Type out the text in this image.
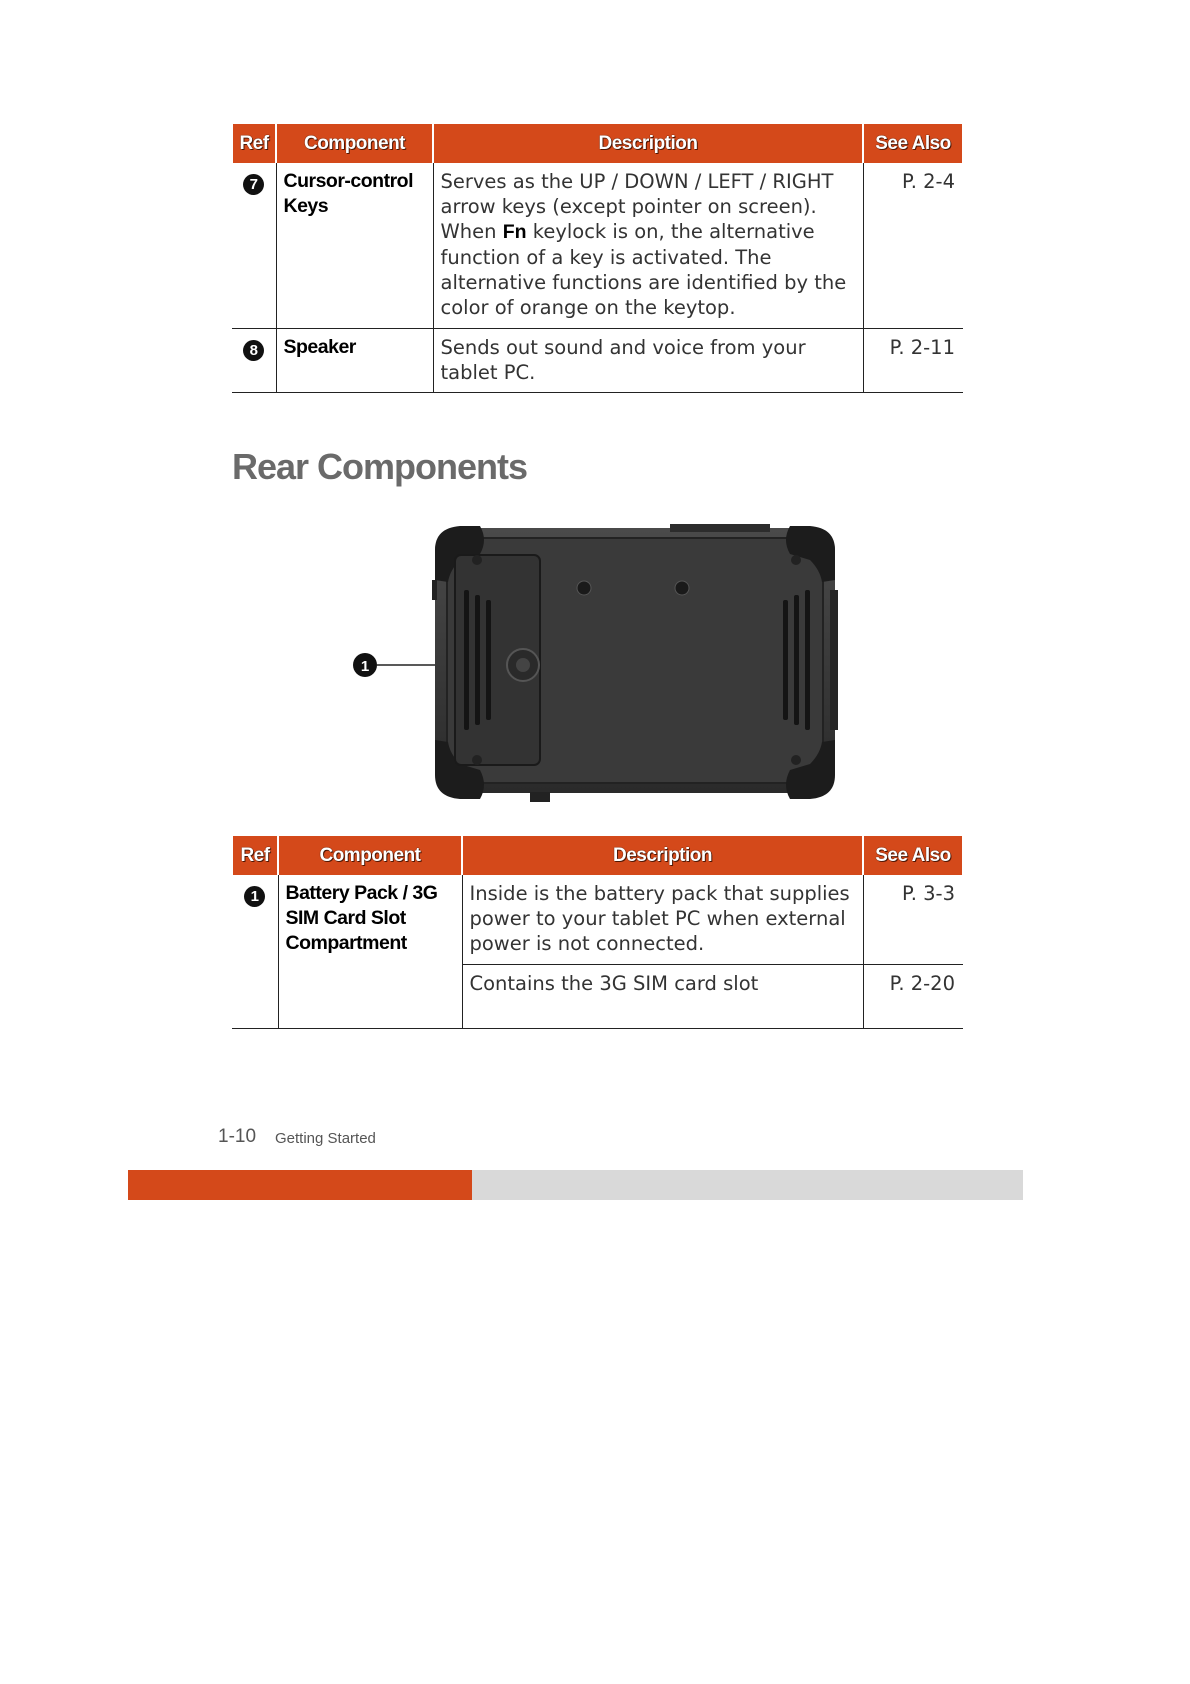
Ref	Component	Description	See Also
7	Cursor-control Keys	Serves as the UP / DOWN / LEFT / RIGHT arrow keys (except pointer on screen). When Fn keylock is on, the alternative function of a key is activated. The alternative functions are identified by the color of orange on the keytop.	P. 2-4
8	Speaker	Sends out sound and voice from your tablet PC.	P. 2-11
Rear Components
1
Ref	Component	Description	See Also
1	Battery Pack / 3G SIM Card Slot Compartment	Inside is the battery pack that supplies power to your tablet PC when external power is not connected.	P. 3-3
		Contains the 3G SIM card slot	P. 2-20
1-10 Getting Started
